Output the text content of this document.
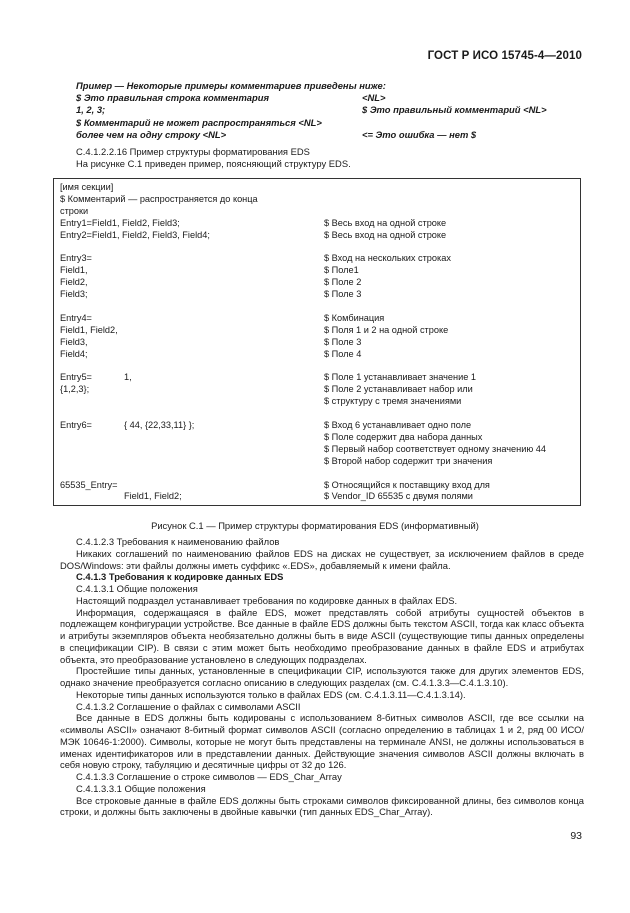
ГОСТ Р ИСО 15745-4—2010
Пример — Некоторые примеры комментариев приведены ниже:
$ Это правильная строка комментария	<NL>
1, 2, 3;	$ Это правильный комментарий <NL>
$ Комментарий не может распространяться <NL>
более чем на одну строку <NL>	<= Это ошибка — нет $
С.4.1.2.2.16 Пример структуры форматирования EDS
На рисунке С.1 приведен пример, поясняющий структуру EDS.
[имя секции]
$ Комментарий — распространяется до конца
строки
Entry1=Field1, Field2, Field3;	$ Весь вход на одной строке
Entry2=Field1, Field2, Field3, Field4;	$ Весь вход на одной строке
Entry3=	$ Вход на нескольких строках
Field1,	$ Поле1
Field2,	$ Поле 2
Field3;	$ Поле 3
Entry4=	$ Комбинация
Field1, Field2,	$ Поля 1 и 2 на одной строке
Field3,	$ Поле 3
Field4;	$ Поле 4
Entry5=	1,	$ Поле 1 устанавливает значение 1
{1,2,3};	$ Поле 2 устанавливает набор или
$ структуру с тремя значениями
Entry6=	{ 44, {22,33,11} };	$ Вход 6 устанавливает одно поле
$ Поле содержит два набора данных
$ Первый набор соответствует одному значению 44
$ Второй набор содержит три значения
65535_Entry=	$ Относящийся к поставщику вход для
Field1, Field2;	$ Vendor_ID 65535 с двумя полями
Рисунок С.1 — Пример структуры форматирования EDS (информативный)

С.4.1.2.3 Требования к наименованию файлов

Никаких соглашений по наименованию файлов EDS на дисках не существует, за исключением файлов в среде DOS/Windows: эти файлы должны иметь суффикс «.EDS», добавляемый к имени файла.

С.4.1.3 Требования к кодировке данных EDS

С.4.1.3.1 Общие положения

Настоящий подраздел устанавливает требования по кодировке данных в файлах EDS.

Информация, содержащаяся в файле EDS, может представлять собой атрибуты сущностей объектов в подлежащем конфигурации устройстве. Все данные в файле EDS должны быть текстом ASCII, тогда как класс объекта и атрибуты экземпляров объекта необязательно должны быть в виде ASCII (существующие типы данных определены в спецификации CIP). В связи с этим может быть необходимо преобразование данных в файле EDS и атрибутах объекта, это преобразование установлено в следующих подразделах.

Простейшие типы данных, установленные в спецификации CIP, используются также для других элементов EDS, однако значение преобразуется согласно описанию в следующих разделах (см. С.4.1.3.3—С.4.1.3.10).

Некоторые типы данных используются только в файлах EDS (см. С.4.1.3.11—С.4.1.3.14).

С.4.1.3.2 Соглашение о файлах с символами ASCII

Все данные в EDS должны быть кодированы с использованием 8-битных символов ASCII, где все ссылки на «символы ASCII» означают 8-битный формат символов ASCII (согласно определению в таблицах 1 и 2, ряд 00 ИСО/МЭК 10646-1:2000). Символы, которые не могут быть представлены на терминале ANSI, не должны использоваться в именах идентификаторов или в представлении данных. Действующие значения символов ASCII должны включать в себя новую строку, табуляцию и десятичные цифры от 32 до 126.

С.4.1.3.3 Соглашение о строке символов — EDS_Char_Array

С.4.1.3.3.1 Общие положения

Все строковые данные в файле EDS должны быть строками символов фиксированной длины, без символов конца строки, и должны быть заключены в двойные кавычки (тип данных EDS_Char_Array).

93
